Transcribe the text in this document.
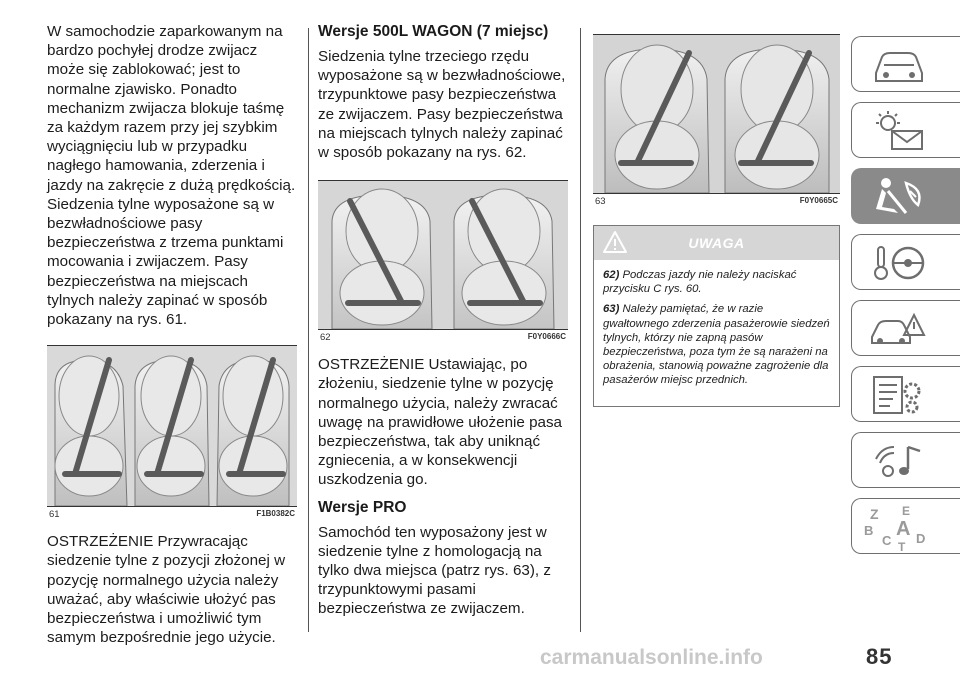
W samochodzie zaparkowanym na bardzo pochyłej drodze zwijacz może się zablokować; jest to normalne zjawisko. Ponadto mechanizm zwijacza blokuje taśmę za każdym razem przy jej szybkim wyciągnięciu lub w przypadku nagłego hamowania, zderzenia i jazdy na zakręcie z dużą prędkością.

Siedzenia tylne wyposażone są w bezwładnościowe pasy bezpieczeństwa z trzema punktami mocowania i zwijaczem. Pasy bezpieczeństwa na miejscach tylnych należy zapinać w sposób pokazany na rys. 61.

61	F1B0382C

OSTRZEŻENIE Przywracając siedzenie tylne z pozycji złożonej w pozycję normalnego użycia należy uważać, aby właściwie ułożyć pas bezpieczeństwa i umożliwić tym samym bezpośrednie jego użycie.

Wersje 500L WAGON (7 miejsc)

Siedzenia tylne trzeciego rzędu wyposażone są w bezwładnościowe, trzypunktowe pasy bezpieczeństwa ze zwijaczem. Pasy bezpieczeństwa na miejscach tylnych należy zapinać w sposób pokazany na rys. 62.

62	F0Y0666C

OSTRZEŻENIE Ustawiając, po złożeniu, siedzenie tylne w pozycję normalnego użycia, należy zwracać uwagę na prawidłowe ułożenie pasa bezpieczeństwa, tak aby uniknąć zgniecenia, a w konsekwencji uszkodzenia go.

Wersje PRO

Samochód ten wyposażony jest w siedzenie tylne z homologacją na tylko dwa miejsca (patrz rys. 63), z trzypunktowymi pasami bezpieczeństwa ze zwijaczem.

63	F0Y0665C
UWAGA
62) Podczas jazdy nie należy naciskać przycisku C rys. 60.
63) Należy pamiętać, że w razie gwałtownego zderzenia pasażerowie siedzeń tylnych, którzy nie zapną pasów bezpieczeństwa, poza tym że są narażeni na obrażenia, stanowią poważne zagrożenie dla pasażerów miejsc przednich.
Z E
B A
C D
T
carmanualsonline.info	85
